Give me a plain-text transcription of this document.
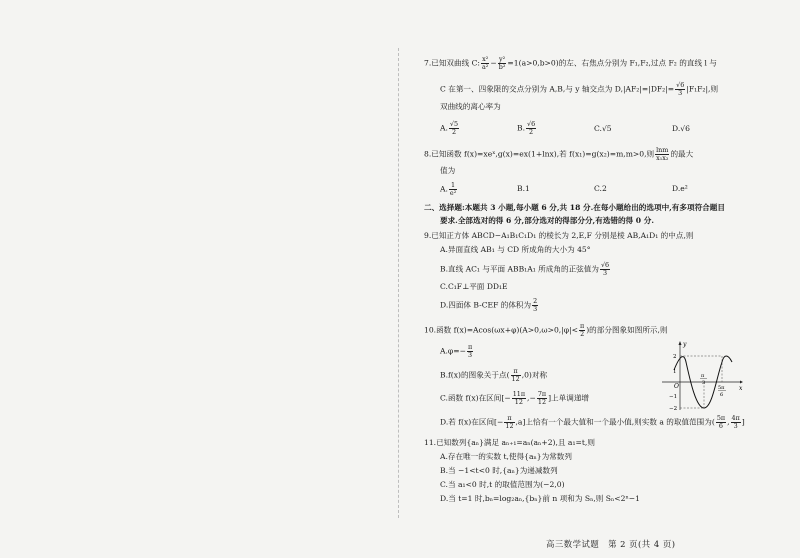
7.已知双曲线 C: $\frac{\text{x²}}{\text{a²}} - \frac{\text{y²}}{\text{b²}} =1(a>0,b>0)$的左、右焦点分别为 F₁,F₂,过点 F₂ 的直线 l 与
C 在第一、四象限的交点分别为 A,B,与 y 轴交点为 $D,|AF_2|=|DF_2|= \frac{√6}{3} |F_1F_2|$,则
双曲线的离心率为
A. $\frac{√5}{2}$	B. $\frac{√6}{2}$	C.√5	D.√6
8.已知函数 f(x)=xeˣ,g(x)=ex(1+lnx),若 f(x₁)=g(x₂)=m,m>0,则 $\frac{\ln m}{\text{x₁x₂}}$ 的最大
值为
A. $\frac{1}{\text{e²}}$	B.1	C.2	D.e²
二、选择题:本题共 3 小题,每小题 6 分,共 18 分.在每小题给出的选项中,有多项符合题目
要求.全部选对的得 6 分,部分选对的得部分分,有选错的得 0 分.
9.已知正方体 ABCD−A₁B₁C₁D₁ 的棱长为 2,E,F 分别是棱 AB,A₁D₁ 的中点,则
A.异面直线 AB₁ 与 CD 所成角的大小为 45°
B.直线 AC₁ 与平面 ABB₁A₁ 所成角的正弦值为 $\frac{√6}{3}$
C.C₁F⊥平面 DD₁E
D.四面体 B-CEF 的体积为 $\frac{2}{3}$
10.函数 $f(x)=Acos(\omega x+\varphi)(A>0,\omega>0,|\varphi|< \frac{\pi}{2}$ )的部分图象如图所示,则
$A.\varphi=- \frac{\pi}{3}$
B.f(x)的图象关于点( $\frac{\pi}{12} ,0$)对称
C.函数 f(x)在区间[− $\frac{11\pi}{12}$ ,− $\frac{7\pi}{12}$ ]上单调递增
D.若 f(x)在区间[− $\frac{\pi}{12} ,a$]上恰有一个最大值和一个最小值,则实数 a 的取值范围为( $\frac{5\pi}{6}$ , $\frac{4\pi}{3}$ ]
y
x
O
2
1
−1
−2
π
3
5π
6
11.已知数列{aₙ}满足 aₙ₊₁=aₙ(aₙ+2),且 a₁=t,则
A.存在唯一的实数 t,使得{aₙ}为常数列
B.当 −1<t<0 时,{aₙ}为递减数列
C.当 a₁<0 时,t 的取值范围为(−2,0)
D.当 t=1 时,bₙ=log₂aₙ,{bₙ}前 n 项和为 Sₙ,则 Sₙ<2ⁿ−1
高三数学试题　第 2 页(共 4 页)
